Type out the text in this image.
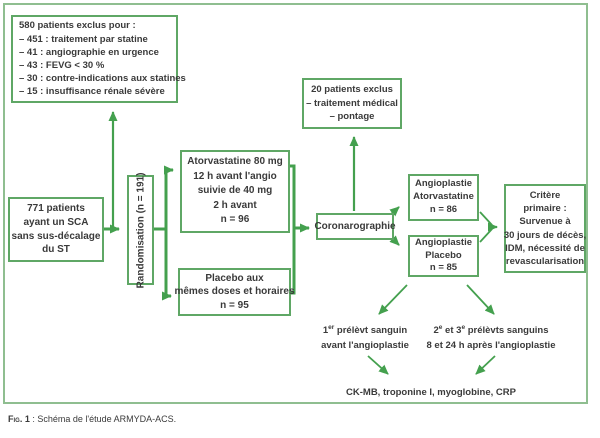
580 patients exclus pour :
– 451 : traitement par statine
– 41 : angiographie en urgence
– 43 : FEVG < 30 %
– 30 : contre-indications aux statines
– 15 : insuffisance rénale sévère
771 patients
ayant un SCA
sans sus-décalage
du ST	Randomisation (n = 191)
Atorvastatine 80 mg
12 h avant l'angio
suivie de 40 mg
2 h avant
n = 96
Placebo aux
mêmes doses et horaires
n = 95
20 patients exclus
– traitement médical
– pontage
Coronarographie
Angioplastie
Atorvastatine
n = 86
Angioplastie
Placebo
n = 85
Critère
primaire :
Survenue à
30 jours de décès,
IDM, nécessité de
revascularisation
1er prélèvt sanguin
avant l'angioplastie
2e et 3e prélèvts sanguins
8 et 24 h après l'angioplastie
CK-MB, troponine I, myoglobine, CRP
Fig. 1 : Schéma de l'étude ARMYDA-ACS.
